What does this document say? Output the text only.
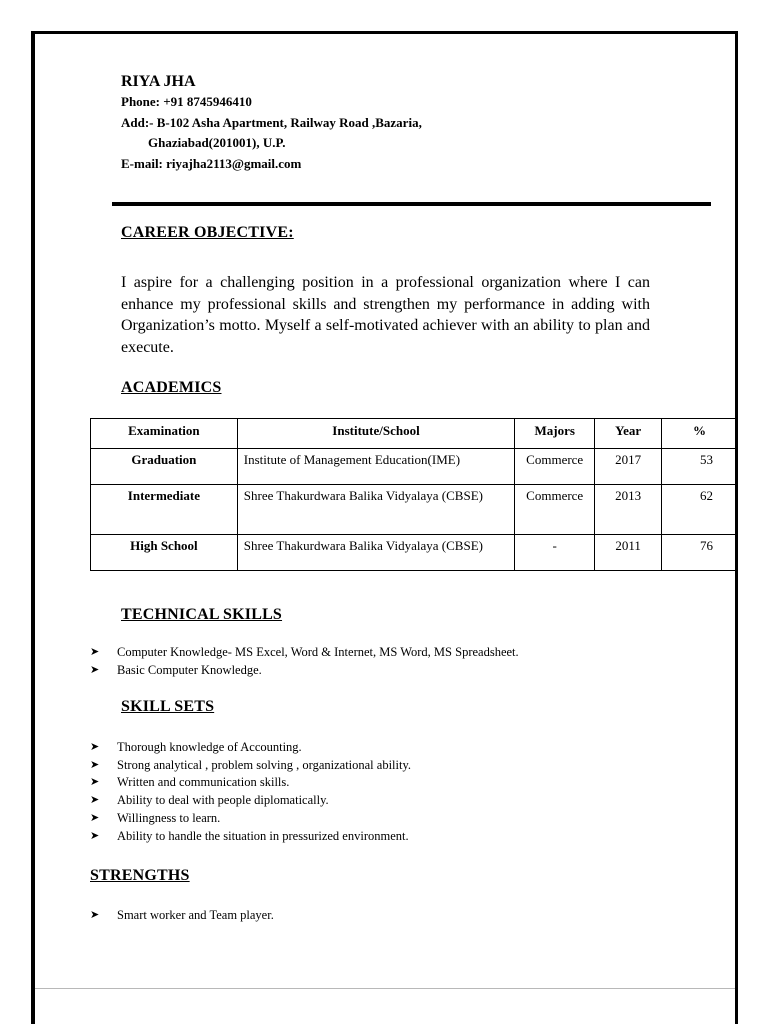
RIYA JHA
Phone: +91 8745946410
Add:- B-102 Asha Apartment, Railway Road ,Bazaria,
Ghaziabad(201001), U.P.
E-mail: riyajha2113@gmail.com
CAREER OBJECTIVE:
I aspire for a challenging position in a professional organization where I can enhance my professional skills and strengthen my performance in adding with Organization’s motto. Myself a self-motivated achiever with an ability to plan and execute.
ACADEMICS
Examination	Institute/School	Majors	Year	%
Graduation	Institute of Management Education(IME)	Commerce	2017	53
Intermediate	Shree Thakurdwara Balika Vidyalaya (CBSE)	Commerce	2013	62
High School	Shree Thakurdwara Balika Vidyalaya (CBSE)	-	2011	76
TECHNICAL SKILLS
➤ Computer Knowledge- MS Excel, Word & Internet, MS Word, MS Spreadsheet.
➤ Basic Computer Knowledge.
SKILL SETS
➤ Thorough knowledge of Accounting.
➤ Strong analytical , problem solving , organizational ability.
➤ Written and communication skills.
➤ Ability to deal with people diplomatically.
➤ Willingness to learn.
➤ Ability to handle the situation in pressurized environment.
STRENGTHS
➤ Smart worker and Team player.
